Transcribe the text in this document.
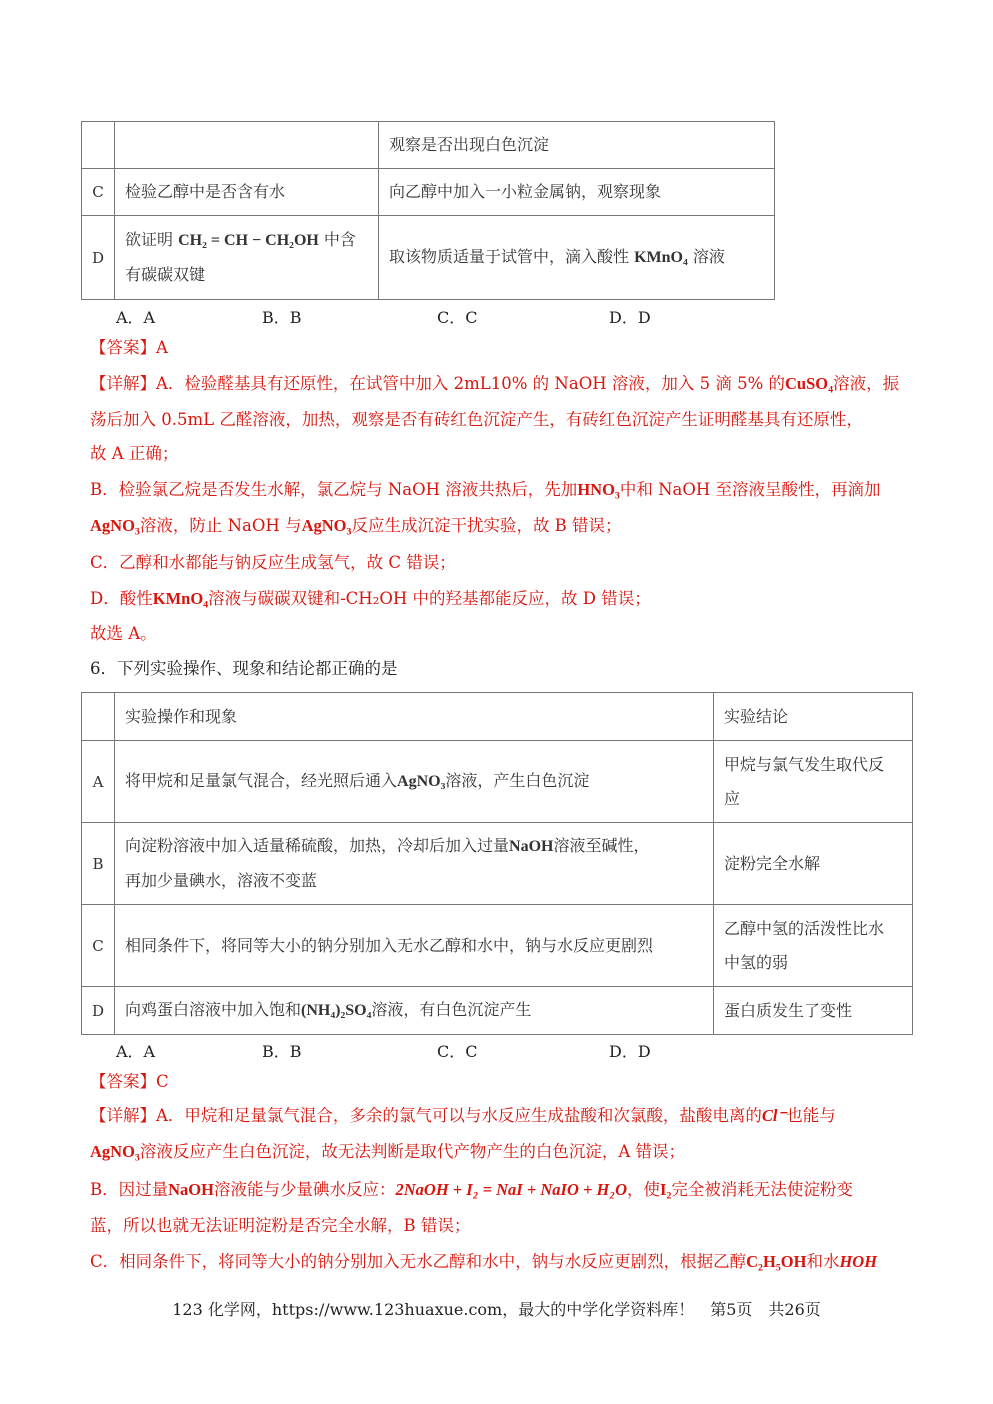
		观察是否出现白色沉淀
C	检验乙醇中是否含有水	向乙醇中加入一小粒金属钠，观察现象
D	欲证明 CH₂ = CH − CH₂OH 中含
有碳碳双键	取该物质适量于试管中，滴入酸性 KMnO₄ 溶液
A．A	B．B	C．C	D．D
【答案】A
【详解】A．检验醛基具有还原性，在试管中加入 2mL10% 的 NaOH 溶液，加入 5 滴 5% 的CuSO₄溶液，振
荡后加入 0.5mL 乙醛溶液，加热，观察是否有砖红色沉淀产生，有砖红色沉淀产生证明醛基具有还原性，
故 A 正确；
B．检验氯乙烷是否发生水解，氯乙烷与 NaOH 溶液共热后，先加HNO₃中和 NaOH 至溶液呈酸性，再滴加
AgNO₃溶液，防止 NaOH 与AgNO₃反应生成沉淀干扰实验，故 B 错误；
C．乙醇和水都能与钠反应生成氢气，故 C 错误；
D．酸性KMnO₄溶液与碳碳双键和-CH₂OH 中的羟基都能反应，故 D 错误；
故选 A。
6．下列实验操作、现象和结论都正确的是
	实验操作和现象	实验结论
A	将甲烷和足量氯气混合，经光照后通入AgNO₃溶液，产生白色沉淀	甲烷与氯气发生取代反
应
B	向淀粉溶液中加入适量稀硫酸，加热，冷却后加入过量NaOH溶液至碱性，
再加少量碘水，溶液不变蓝	淀粉完全水解
C	相同条件下，将同等大小的钠分别加入无水乙醇和水中，钠与水反应更剧烈	乙醇中氢的活泼性比水
中氢的弱
D	向鸡蛋白溶液中加入饱和(NH₄)₂SO₄溶液，有白色沉淀产生	蛋白质发生了变性
A．A	B．B	C．C	D．D
【答案】C
【详解】A．甲烷和足量氯气混合，多余的氯气可以与水反应生成盐酸和次氯酸，盐酸电离的Cl⁻也能与
AgNO₃溶液反应产生白色沉淀，故无法判断是取代产物产生的白色沉淀，A 错误；
B．因过量NaOH溶液能与少量碘水反应：2NaOH + I₂ = NaI + NaIO + H₂O，使I₂完全被消耗无法使淀粉变
蓝，所以也就无法证明淀粉是否完全水解，B 错误；
C．相同条件下，将同等大小的钠分别加入无水乙醇和水中，钠与水反应更剧烈，根据乙醇C₂H₅OH和水HOH
123 化学网，https://www.123huaxue.com，最大的中学化学资料库！　第5页　共26页
